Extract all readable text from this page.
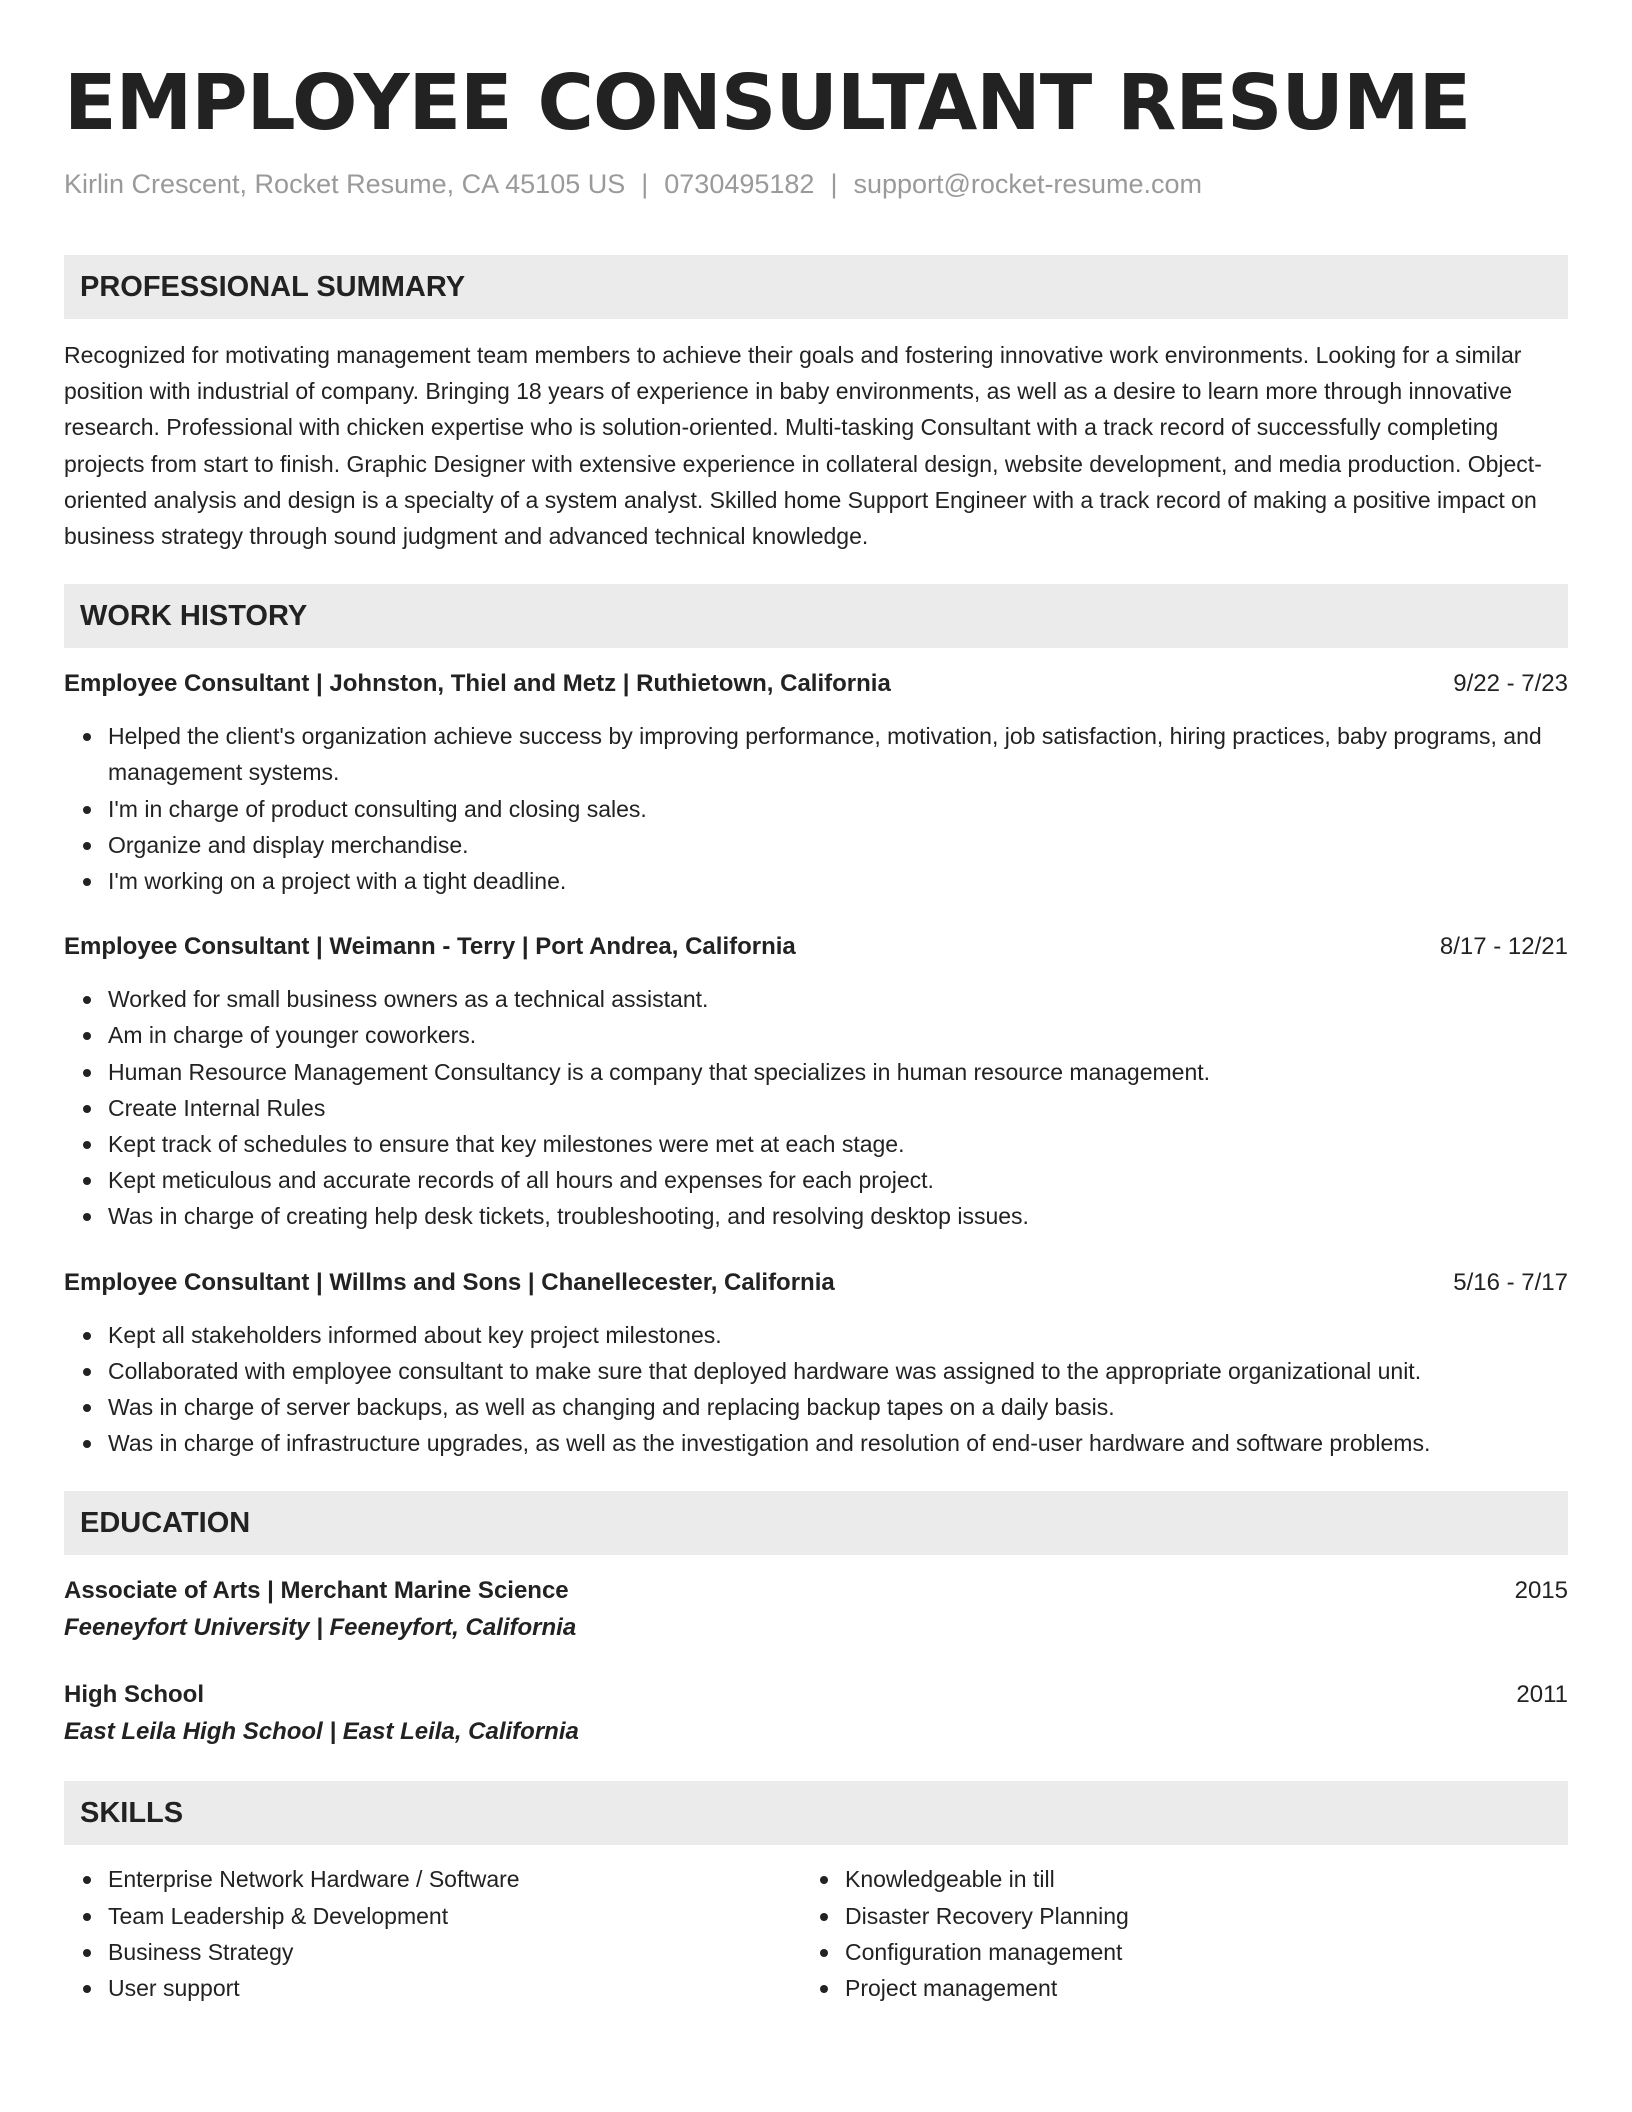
EMPLOYEE CONSULTANT RESUME
Kirlin Crescent, Rocket Resume, CA 45105 US | 0730495182 | support@rocket-resume.com
PROFESSIONAL SUMMARY
Recognized for motivating management team members to achieve their goals and fostering innovative work environments. Looking for a similar position with industrial of company. Bringing 18 years of experience in baby environments, as well as a desire to learn more through innovative research. Professional with chicken expertise who is solution-oriented. Multi-tasking Consultant with a track record of successfully completing projects from start to finish. Graphic Designer with extensive experience in collateral design, website development, and media production. Object-oriented analysis and design is a specialty of a system analyst. Skilled home Support Engineer with a track record of making a positive impact on business strategy through sound judgment and advanced technical knowledge.
WORK HISTORY
Employee Consultant | Johnston, Thiel and Metz | Ruthietown, California	9/22 - 7/23
Helped the client's organization achieve success by improving performance, motivation, job satisfaction, hiring practices, baby programs, and management systems.
I'm in charge of product consulting and closing sales.
Organize and display merchandise.
I'm working on a project with a tight deadline.
Employee Consultant | Weimann - Terry | Port Andrea, California	8/17 - 12/21
Worked for small business owners as a technical assistant.
Am in charge of younger coworkers.
Human Resource Management Consultancy is a company that specializes in human resource management.
Create Internal Rules
Kept track of schedules to ensure that key milestones were met at each stage.
Kept meticulous and accurate records of all hours and expenses for each project.
Was in charge of creating help desk tickets, troubleshooting, and resolving desktop issues.
Employee Consultant | Willms and Sons | Chanellecester, California	5/16 - 7/17
Kept all stakeholders informed about key project milestones.
Collaborated with employee consultant to make sure that deployed hardware was assigned to the appropriate organizational unit.
Was in charge of server backups, as well as changing and replacing backup tapes on a daily basis.
Was in charge of infrastructure upgrades, as well as the investigation and resolution of end-user hardware and software problems.
EDUCATION
Associate of Arts | Merchant Marine Science	2015
Feeneyfort University | Feeneyfort, California
High School	2011
East Leila High School | East Leila, California
SKILLS
Enterprise Network Hardware / Software
Team Leadership & Development
Business Strategy
User support
Knowledgeable in till
Disaster Recovery Planning
Configuration management
Project management
